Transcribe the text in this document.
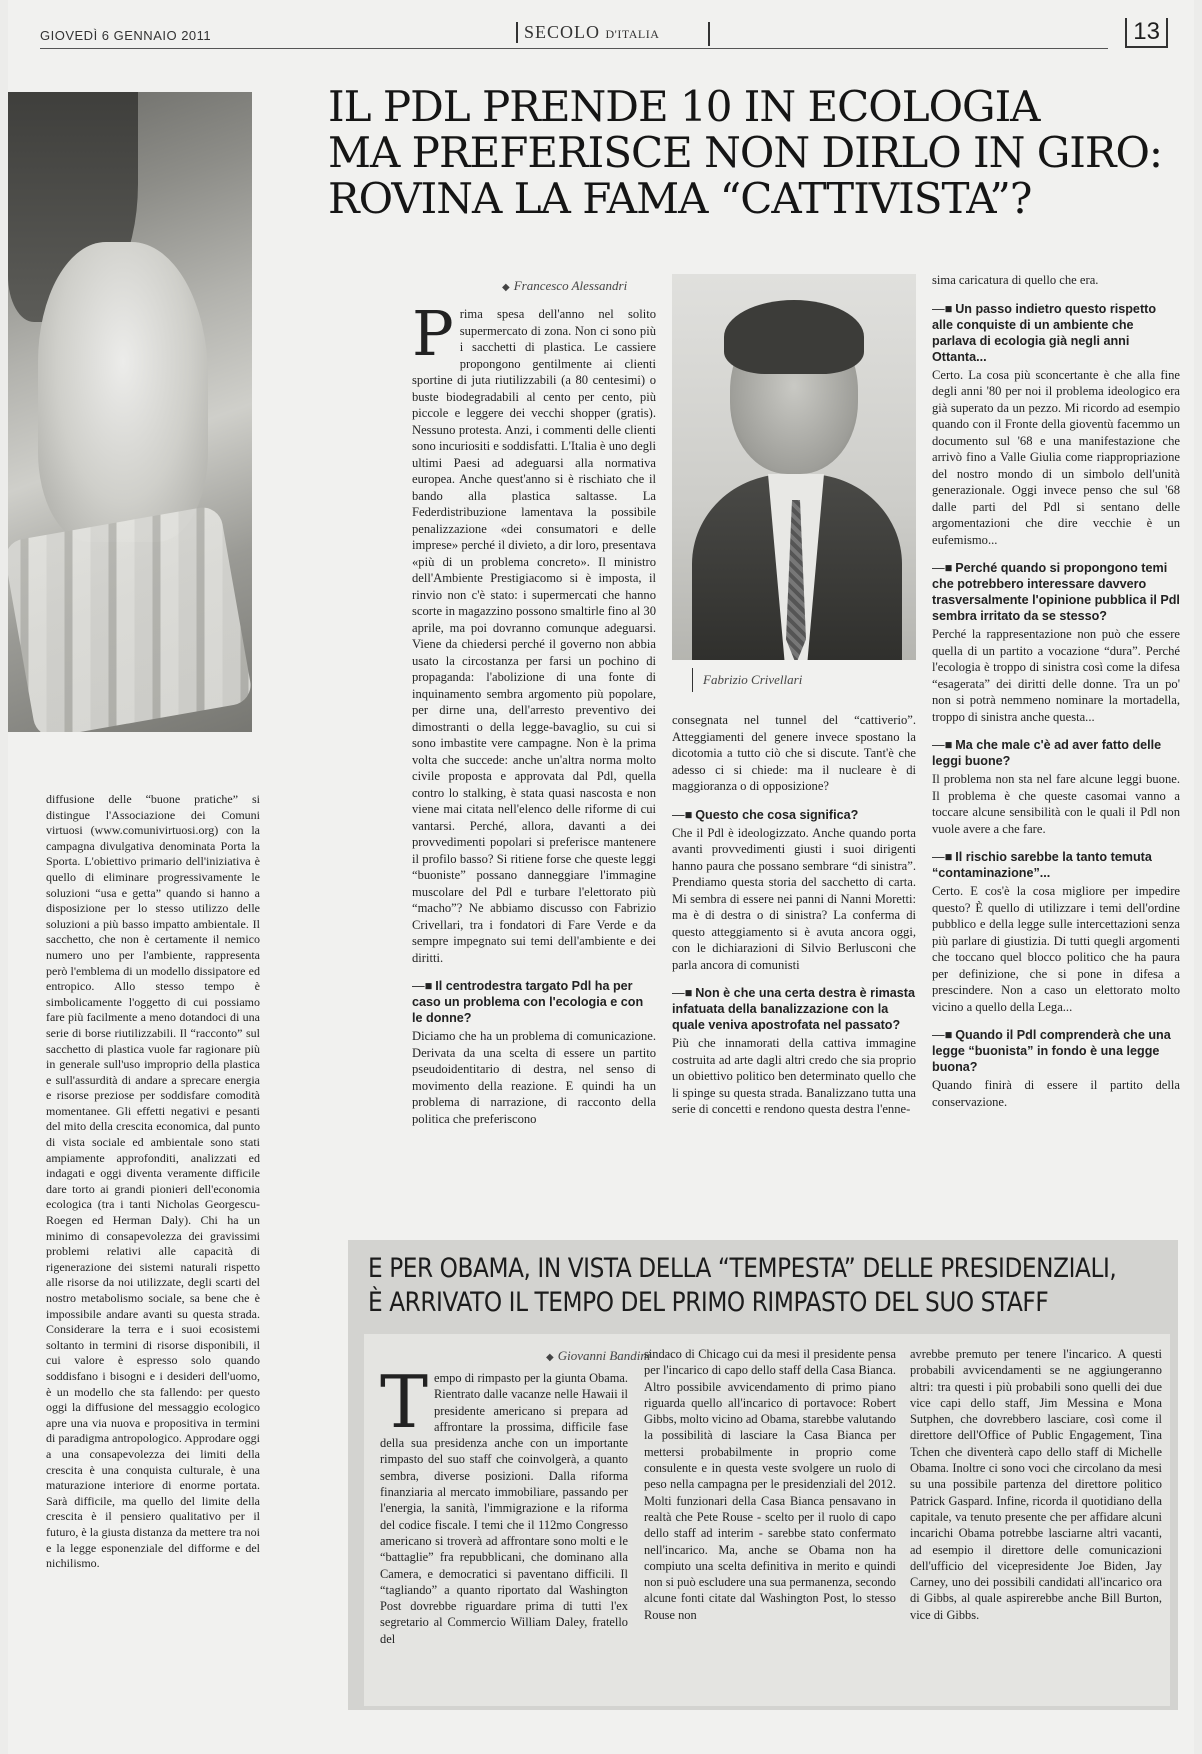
GIOVEDÌ 6 GENNAIO 2011	SECOLO D'ITALIA	13
IL PDL PRENDE 10 IN ECOLOGIA
MA PREFERISCE NON DIRLO IN GIRO:
ROVINA LA FAMA “CATTIVISTA”?
◆ Francesco Alessandri
P rima spesa dell'anno nel solito supermercato di zona. Non ci sono più i sacchetti di plastica. Le cassiere propongono gentilmente ai clienti sportine di juta riutilizzabili (a 80 centesimi) o buste biodegradabili al cento per cento, più piccole e leggere dei vecchi shopper (gratis). Nessuno protesta. Anzi, i commenti delle clienti sono incuriositi e soddisfatti. L'Italia è uno degli ultimi Paesi ad adeguarsi alla normativa europea. Anche quest'anno si è rischiato che il bando alla plastica saltasse. La Federdistribuzione lamentava la possibile penalizzazione «dei consumatori e delle imprese» perché il divieto, a dir loro, presentava «più di un problema concreto». Il ministro dell'Ambiente Prestigiacomo si è imposta, il rinvio non c'è stato: i supermercati che hanno scorte in magazzino possono smaltirle fino al 30 aprile, ma poi dovranno comunque adeguarsi. Viene da chiedersi perché il governo non abbia usato la circostanza per farsi un pochino di propaganda: l'abolizione di una fonte di inquinamento sembra argomento più popolare, per dirne una, dell'arresto preventivo dei dimostranti o della legge-bavaglio, su cui si sono imbastite vere campagne. Non è la prima volta che succede: anche un'altra norma molto civile proposta e approvata dal Pdl, quella contro lo stalking, è stata quasi nascosta e non viene mai citata nell'elenco delle riforme di cui vantarsi. Perché, allora, davanti a dei provvedimenti popolari si preferisce mantenere il profilo basso? Si ritiene forse che queste leggi “buoniste” possano danneggiare l'immagine muscolare del Pdl e turbare l'elettorato più “macho”? Ne abbiamo discusso con Fabrizio Crivellari, tra i fondatori di Fare Verde e da sempre impegnato sui temi dell'ambiente e dei diritti.
—■ Il centrodestra targato Pdl ha per caso un problema con l'ecologia e con le donne?
Diciamo che ha un problema di comunicazione. Derivata da una scelta di essere un partito pseudoidentitario di destra, nel senso di movimento della reazione. E quindi ha un problema di narrazione, di racconto della politica che preferiscono
Fabrizio Crivellari
consegnata nel tunnel del “cattiverio”. Atteggiamenti del genere invece spostano la dicotomia a tutto ciò che si discute. Tant'è che adesso ci si chiede: ma il nucleare è di maggioranza o di opposizione?
—■ Questo che cosa significa?
Che il Pdl è ideologizzato. Anche quando porta avanti provvedimenti giusti i suoi dirigenti hanno paura che possano sembrare “di sinistra”. Prendiamo questa storia del sacchetto di carta. Mi sembra di essere nei panni di Nanni Moretti: ma è di destra o di sinistra? La conferma di questo atteggiamento si è avuta ancora oggi, con le dichiarazioni di Silvio Berlusconi che parla ancora di comunisti
—■ Non è che una certa destra è rimasta infatuata della banalizzazione con la quale veniva apostrofata nel passato?
Più che innamorati della cattiva immagine costruita ad arte dagli altri credo che sia proprio un obiettivo politico ben determinato quello che li spinge su questa strada. Banalizzano tutta una serie di concetti e rendono questa destra l'enne-
sima caricatura di quello che era.
—■ Un passo indietro questo rispetto alle conquiste di un ambiente che parlava di ecologia già negli anni Ottanta...
Certo. La cosa più sconcertante è che alla fine degli anni '80 per noi il problema ideologico era già superato da un pezzo. Mi ricordo ad esempio quando con il Fronte della gioventù facemmo un documento sul '68 e una manifestazione che arrivò fino a Valle Giulia come riappropriazione del nostro mondo di un simbolo dell'unità generazionale. Oggi invece penso che sul '68 dalle parti del Pdl si sentano delle argomentazioni che dire vecchie è un eufemismo...
—■ Perché quando si propongono temi che potrebbero interessare davvero trasversalmente l'opinione pubblica il Pdl sembra irritato da se stesso?
Perché la rappresentazione non può che essere quella di un partito a vocazione “dura”. Perché l'ecologia è troppo di sinistra così come la difesa “esagerata” dei diritti delle donne. Tra un po' non si potrà nemmeno nominare la mortadella, troppo di sinistra anche questa...
—■ Ma che male c'è ad aver fatto delle leggi buone?
Il problema non sta nel fare alcune leggi buone. Il problema è che queste casomai vanno a toccare alcune sensibilità con le quali il Pdl non vuole avere a che fare.
—■ Il rischio sarebbe la tanto temuta “contaminazione”...
Certo. E cos'è la cosa migliore per impedire questo? È quello di utilizzare i temi dell'ordine pubblico e della legge sulle intercettazioni senza più parlare di giustizia. Di tutti quegli argomenti che toccano quel blocco politico che ha paura per definizione, che si pone in difesa a prescindere. Non a caso un elettorato molto vicino a quello della Lega...
—■ Quando il Pdl comprenderà che una legge “buonista” in fondo è una legge buona?
Quando finirà di essere il partito della conservazione.
diffusione delle “buone pratiche” si distingue l'Associazione dei Comuni virtuosi (www.comunivirtuosi.org) con la campagna divulgativa denominata Porta la Sporta. L'obiettivo primario dell'iniziativa è quello di eliminare progressivamente le soluzioni “usa e getta” quando si hanno a disposizione per lo stesso utilizzo delle soluzioni a più basso impatto ambientale. Il sacchetto, che non è certamente il nemico numero uno per l'ambiente, rappresenta però l'emblema di un modello dissipatore ed entropico. Allo stesso tempo è simbolicamente l'oggetto di cui possiamo fare più facilmente a meno dotandoci di una serie di borse riutilizzabili. Il “racconto” sul sacchetto di plastica vuole far ragionare più in generale sull'uso improprio della plastica e sull'assurdità di andare a sprecare energia e risorse preziose per soddisfare comodità momentanee. Gli effetti negativi e pesanti del mito della crescita economica, dal punto di vista sociale ed ambientale sono stati ampiamente approfonditi, analizzati ed indagati e oggi diventa veramente difficile dare torto ai grandi pionieri dell'economia ecologica (tra i tanti Nicholas Georgescu-Roegen ed Herman Daly). Chi ha un minimo di consapevolezza dei gravissimi problemi relativi alle capacità di rigenerazione dei sistemi naturali rispetto alle risorse da noi utilizzate, degli scarti del nostro metabolismo sociale, sa bene che è impossibile andare avanti su questa strada. Considerare la terra e i suoi ecosistemi soltanto in termini di risorse disponibili, il cui valore è espresso solo quando soddisfano i bisogni e i desideri dell'uomo, è un modello che sta fallendo: per questo oggi la diffusione del messaggio ecologico apre una via nuova e propositiva in termini di paradigma antropologico. Approdare oggi a una consapevolezza dei limiti della crescita è una conquista culturale, è una maturazione interiore di enorme portata. Sarà difficile, ma quello del limite della crescita è il pensiero qualitativo per il futuro, è la giusta distanza da mettere tra noi e la legge esponenziale del difforme e del nichilismo.
E PER OBAMA, IN VISTA DELLA “TEMPESTA” DELLE PRESIDENZIALI,
È ARRIVATO IL TEMPO DEL PRIMO RIMPASTO DEL SUO STAFF
◆ Giovanni Bandini
T empo di rimpasto per la giunta Obama. Rientrato dalle vacanze nelle Hawaii il presidente americano si prepara ad affrontare la prossima, difficile fase della sua presidenza anche con un importante rimpasto del suo staff che coinvolgerà, a quanto sembra, diverse posizioni. Dalla riforma finanziaria al mercato immobiliare, passando per l'energia, la sanità, l'immigrazione e la riforma del codice fiscale. I temi che il 112mo Congresso americano si troverà ad affrontare sono molti e le “battaglie” fra repubblicani, che dominano alla Camera, e democratici si paventano difficili. Il “tagliando” a quanto riportato dal Washington Post dovrebbe riguardare prima di tutti l'ex segretario al Commercio William Daley, fratello del
sindaco di Chicago cui da mesi il presidente pensa per l'incarico di capo dello staff della Casa Bianca. Altro possibile avvicendamento di primo piano riguarda quello all'incarico di portavoce: Robert Gibbs, molto vicino ad Obama, starebbe valutando la possibilità di lasciare la Casa Bianca per mettersi probabilmente in proprio come consulente e in questa veste svolgere un ruolo di peso nella campagna per le presidenziali del 2012. Molti funzionari della Casa Bianca pensavano in realtà che Pete Rouse - scelto per il ruolo di capo dello staff ad interim - sarebbe stato confermato nell'incarico. Ma, anche se Obama non ha compiuto una scelta definitiva in merito e quindi non si può escludere una sua permanenza, secondo alcune fonti citate dal Washington Post, lo stesso Rouse non
avrebbe premuto per tenere l'incarico. A questi probabili avvicendamenti se ne aggiungeranno altri: tra questi i più probabili sono quelli dei due vice capi dello staff, Jim Messina e Mona Sutphen, che dovrebbero lasciare, così come il direttore dell'Office of Public Engagement, Tina Tchen che diventerà capo dello staff di Michelle Obama. Inoltre ci sono voci che circolano da mesi su una possibile partenza del direttore politico Patrick Gaspard. Infine, ricorda il quotidiano della capitale, va tenuto presente che per affidare alcuni incarichi Obama potrebbe lasciarne altri vacanti, ad esempio il direttore delle comunicazioni dell'ufficio del vicepresidente Joe Biden, Jay Carney, uno dei possibili candidati all'incarico ora di Gibbs, al quale aspirerebbe anche Bill Burton, vice di Gibbs.
